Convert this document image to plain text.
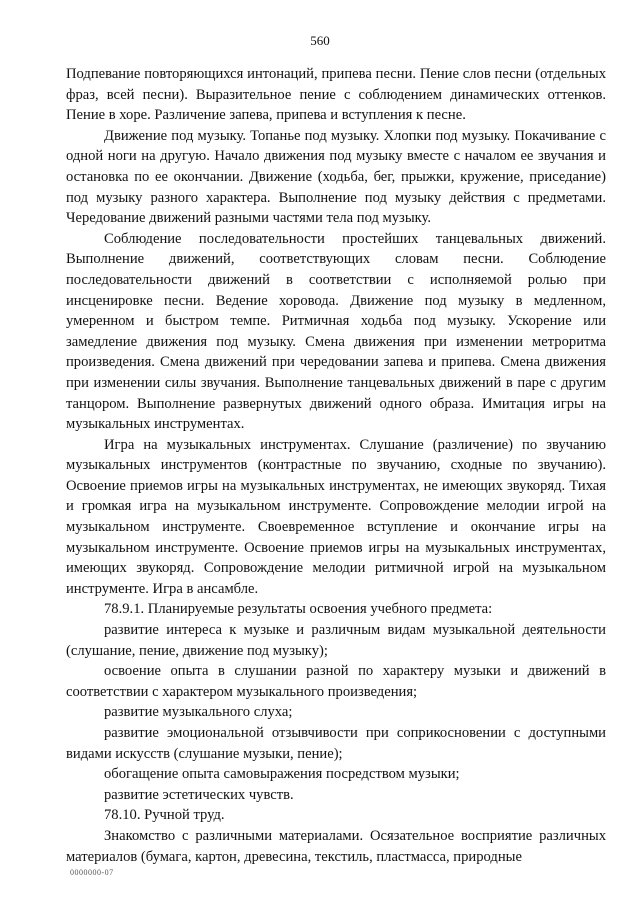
560

Подпевание повторяющихся интонаций, припева песни. Пение слов песни (отдельных фраз, всей песни). Выразительное пение с соблюдением динамических оттенков. Пение в хоре. Различение запева, припева и вступления к песне.

Движение под музыку. Топанье под музыку. Хлопки под музыку. Покачивание с одной ноги на другую. Начало движения под музыку вместе с началом ее звучания и остановка по ее окончании. Движение (ходьба, бег, прыжки, кружение, приседание) под музыку разного характера. Выполнение под музыку действия с предметами. Чередование движений разными частями тела под музыку.

Соблюдение последовательности простейших танцевальных движений. Выполнение движений, соответствующих словам песни. Соблюдение последовательности движений в соответствии с исполняемой ролью при инсценировке песни. Ведение хоровода. Движение под музыку в медленном, умеренном и быстром темпе. Ритмичная ходьба под музыку. Ускорение или замедление движения под музыку. Смена движения при изменении метроритма произведения. Смена движений при чередовании запева и припева. Смена движения при изменении силы звучания. Выполнение танцевальных движений в паре с другим танцором. Выполнение развернутых движений одного образа. Имитация игры на музыкальных инструментах.

Игра на музыкальных инструментах. Слушание (различение) по звучанию музыкальных инструментов (контрастные по звучанию, сходные по звучанию). Освоение приемов игры на музыкальных инструментах, не имеющих звукоряд. Тихая и громкая игра на музыкальном инструменте. Сопровождение мелодии игрой на музыкальном инструменте. Своевременное вступление и окончание игры на музыкальном инструменте. Освоение приемов игры на музыкальных инструментах, имеющих звукоряд. Сопровождение мелодии ритмичной игрой на музыкальном инструменте. Игра в ансамбле.

78.9.1. Планируемые результаты освоения учебного предмета:

развитие интереса к музыке и различным видам музыкальной деятельности (слушание, пение, движение под музыку);

освоение опыта в слушании разной по характеру музыки и движений в соответствии с характером музыкального произведения;

развитие музыкального слуха;

развитие эмоциональной отзывчивости при соприкосновении с доступными видами искусств (слушание музыки, пение);

обогащение опыта самовыражения посредством музыки;

развитие эстетических чувств.

78.10. Ручной труд.

Знакомство с различными материалами. Осязательное восприятие различных материалов (бумага, картон, древесина, текстиль, пластмасса, природные

0000000-07
